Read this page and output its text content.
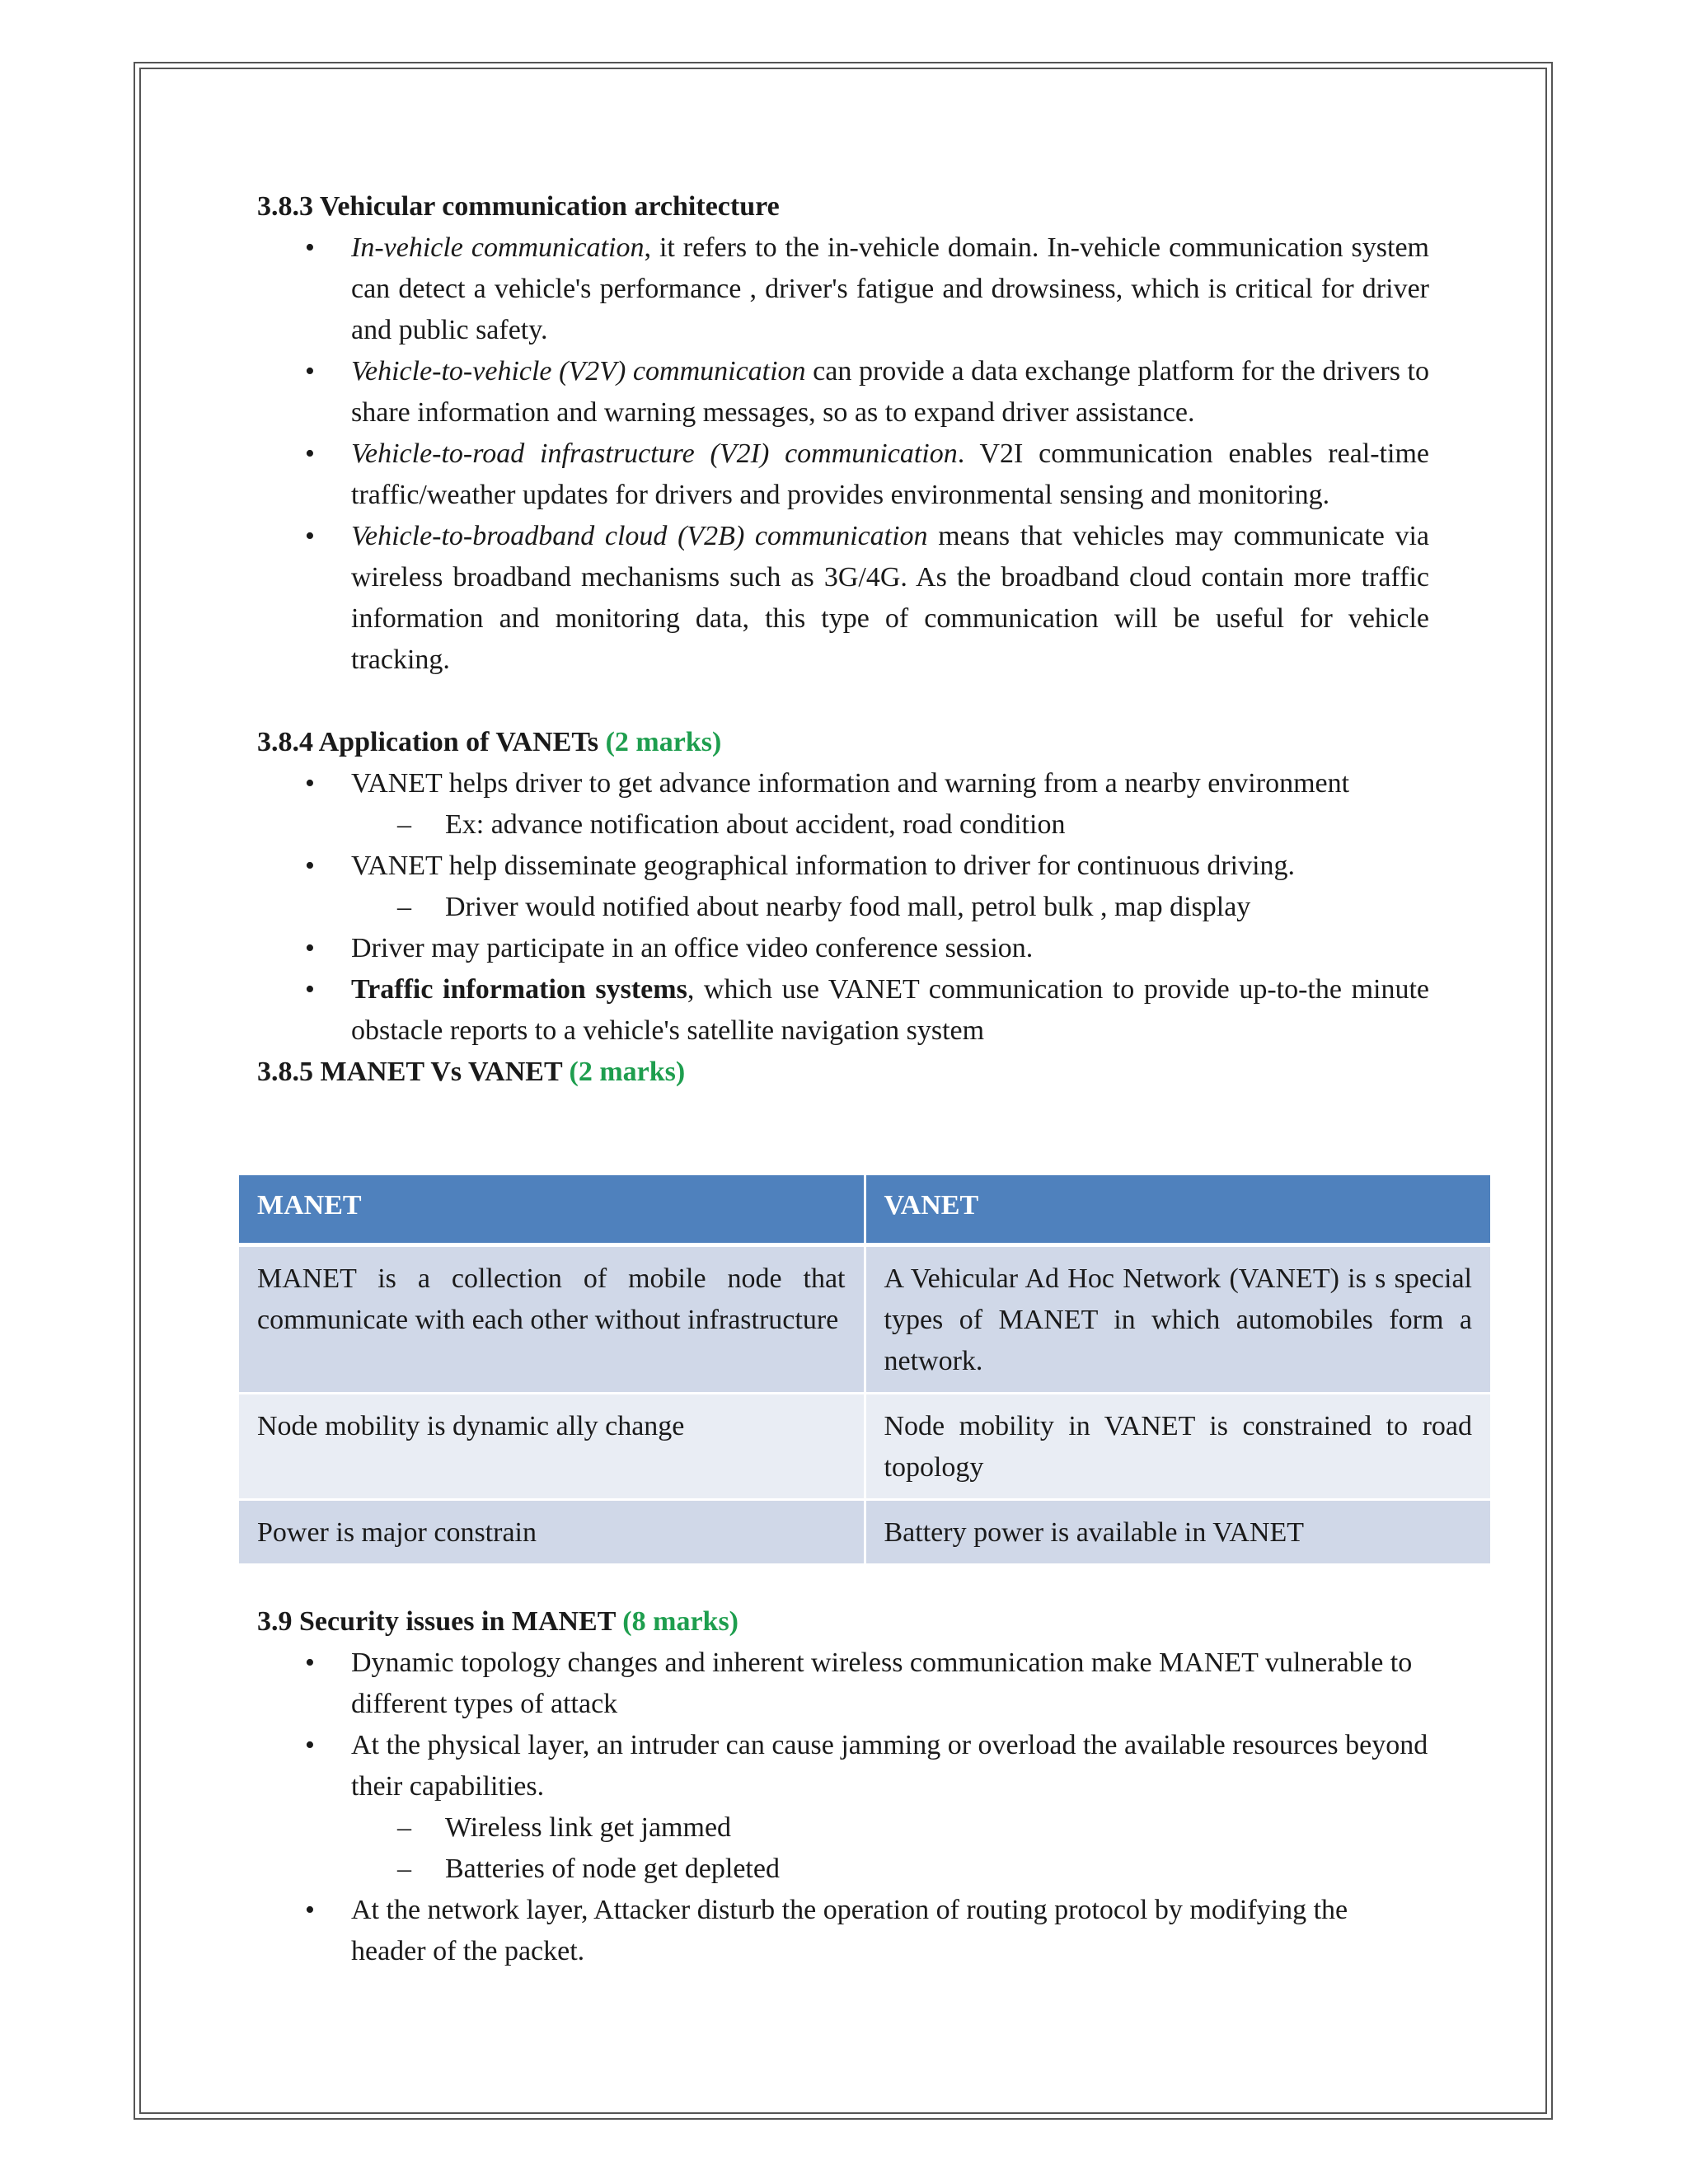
3.8.3 Vehicular communication architecture
• In-vehicle communication, it refers to the in-vehicle domain. In-vehicle communication system can detect a vehicle's performance , driver's fatigue and drowsiness, which is critical for driver and public safety.
• Vehicle-to-vehicle (V2V) communication can provide a data exchange platform for the drivers to share information and warning messages, so as to expand driver assistance.
• Vehicle-to-road infrastructure (V2I) communication. V2I communication enables real-time traffic/weather updates for drivers and provides environmental sensing and monitoring.
• Vehicle-to-broadband cloud (V2B) communication means that vehicles may communicate via wireless broadband mechanisms such as 3G/4G. As the broadband cloud contain more traffic information and monitoring data, this type of communication will be useful for vehicle tracking.
3.8.4 Application of VANETs (2 marks)
• VANET helps driver to get advance information and warning from a nearby environment
– Ex: advance notification about accident, road condition
• VANET help disseminate geographical information to driver for continuous driving.
– Driver would notified about nearby food mall, petrol bulk , map display
• Driver may participate in an office video conference session.
• Traffic information systems, which use VANET communication to provide up-to-the minute obstacle reports to a vehicle's satellite navigation system
3.8.5 MANET Vs VANET (2 marks)
MANET	VANET
MANET is a collection of mobile node that communicate with each other without infrastructure	A Vehicular Ad Hoc Network (VANET) is s special types of MANET in which automobiles form a network.
Node mobility is dynamic ally change	Node mobility in VANET is constrained to road topology
Power is major constrain	Battery power is available in VANET
3.9 Security issues in MANET (8 marks)
• Dynamic topology changes and inherent wireless communication make MANET vulnerable to different types of attack
• At the physical layer, an intruder can cause jamming or overload the available resources beyond their capabilities.
– Wireless link get jammed
– Batteries of node get depleted
• At the network layer, Attacker disturb the operation of routing protocol by modifying the header of the packet.
